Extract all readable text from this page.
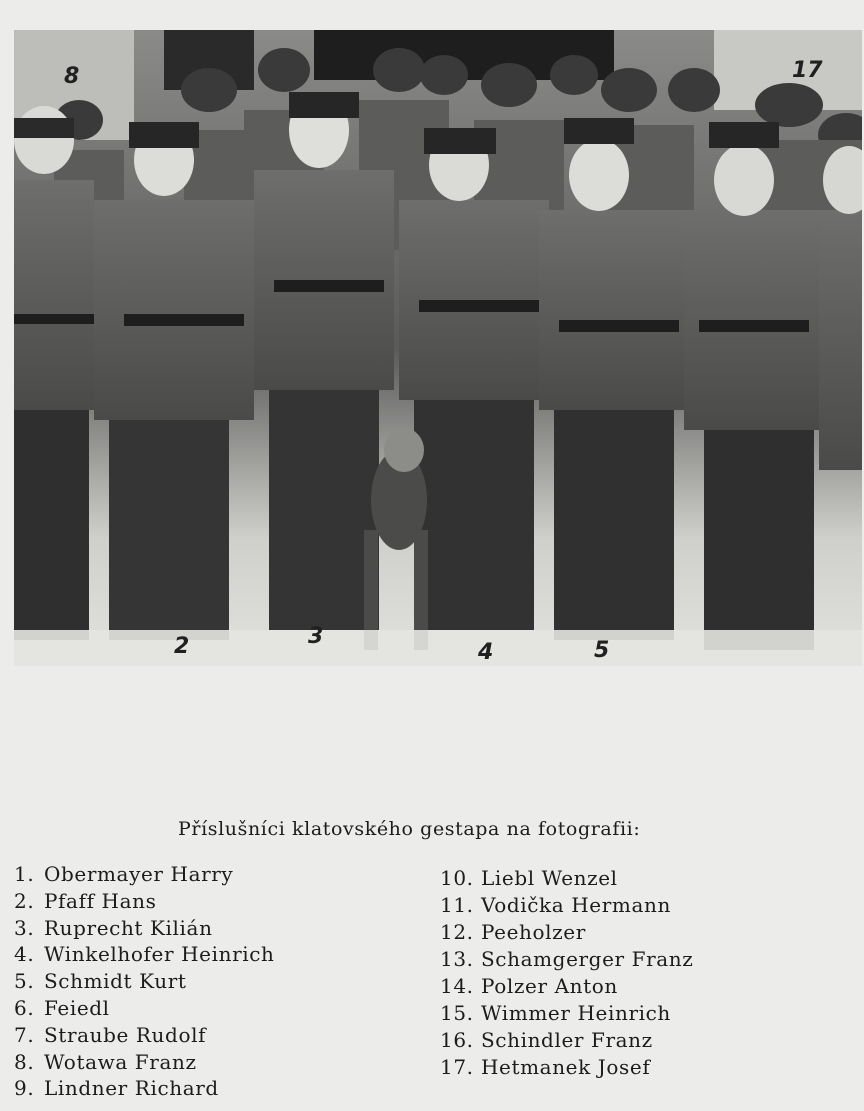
8	17
2	3
4	5
Příslušníci klatovského gestapa na fotografii:
1. Obermayer Harry
2. Pfaff Hans
3. Ruprecht Kilián
4. Winkelhofer Heinrich
5. Schmidt Kurt
6. Feiedl
7. Straube Rudolf
8. Wotawa Franz
9. Lindner Richard
10. Liebl Wenzel
11. Vodička Hermann
12. Peeholzer
13. Schamgerger Franz
14. Polzer Anton
15. Wimmer Heinrich
16. Schindler Franz
17. Hetmanek Josef
